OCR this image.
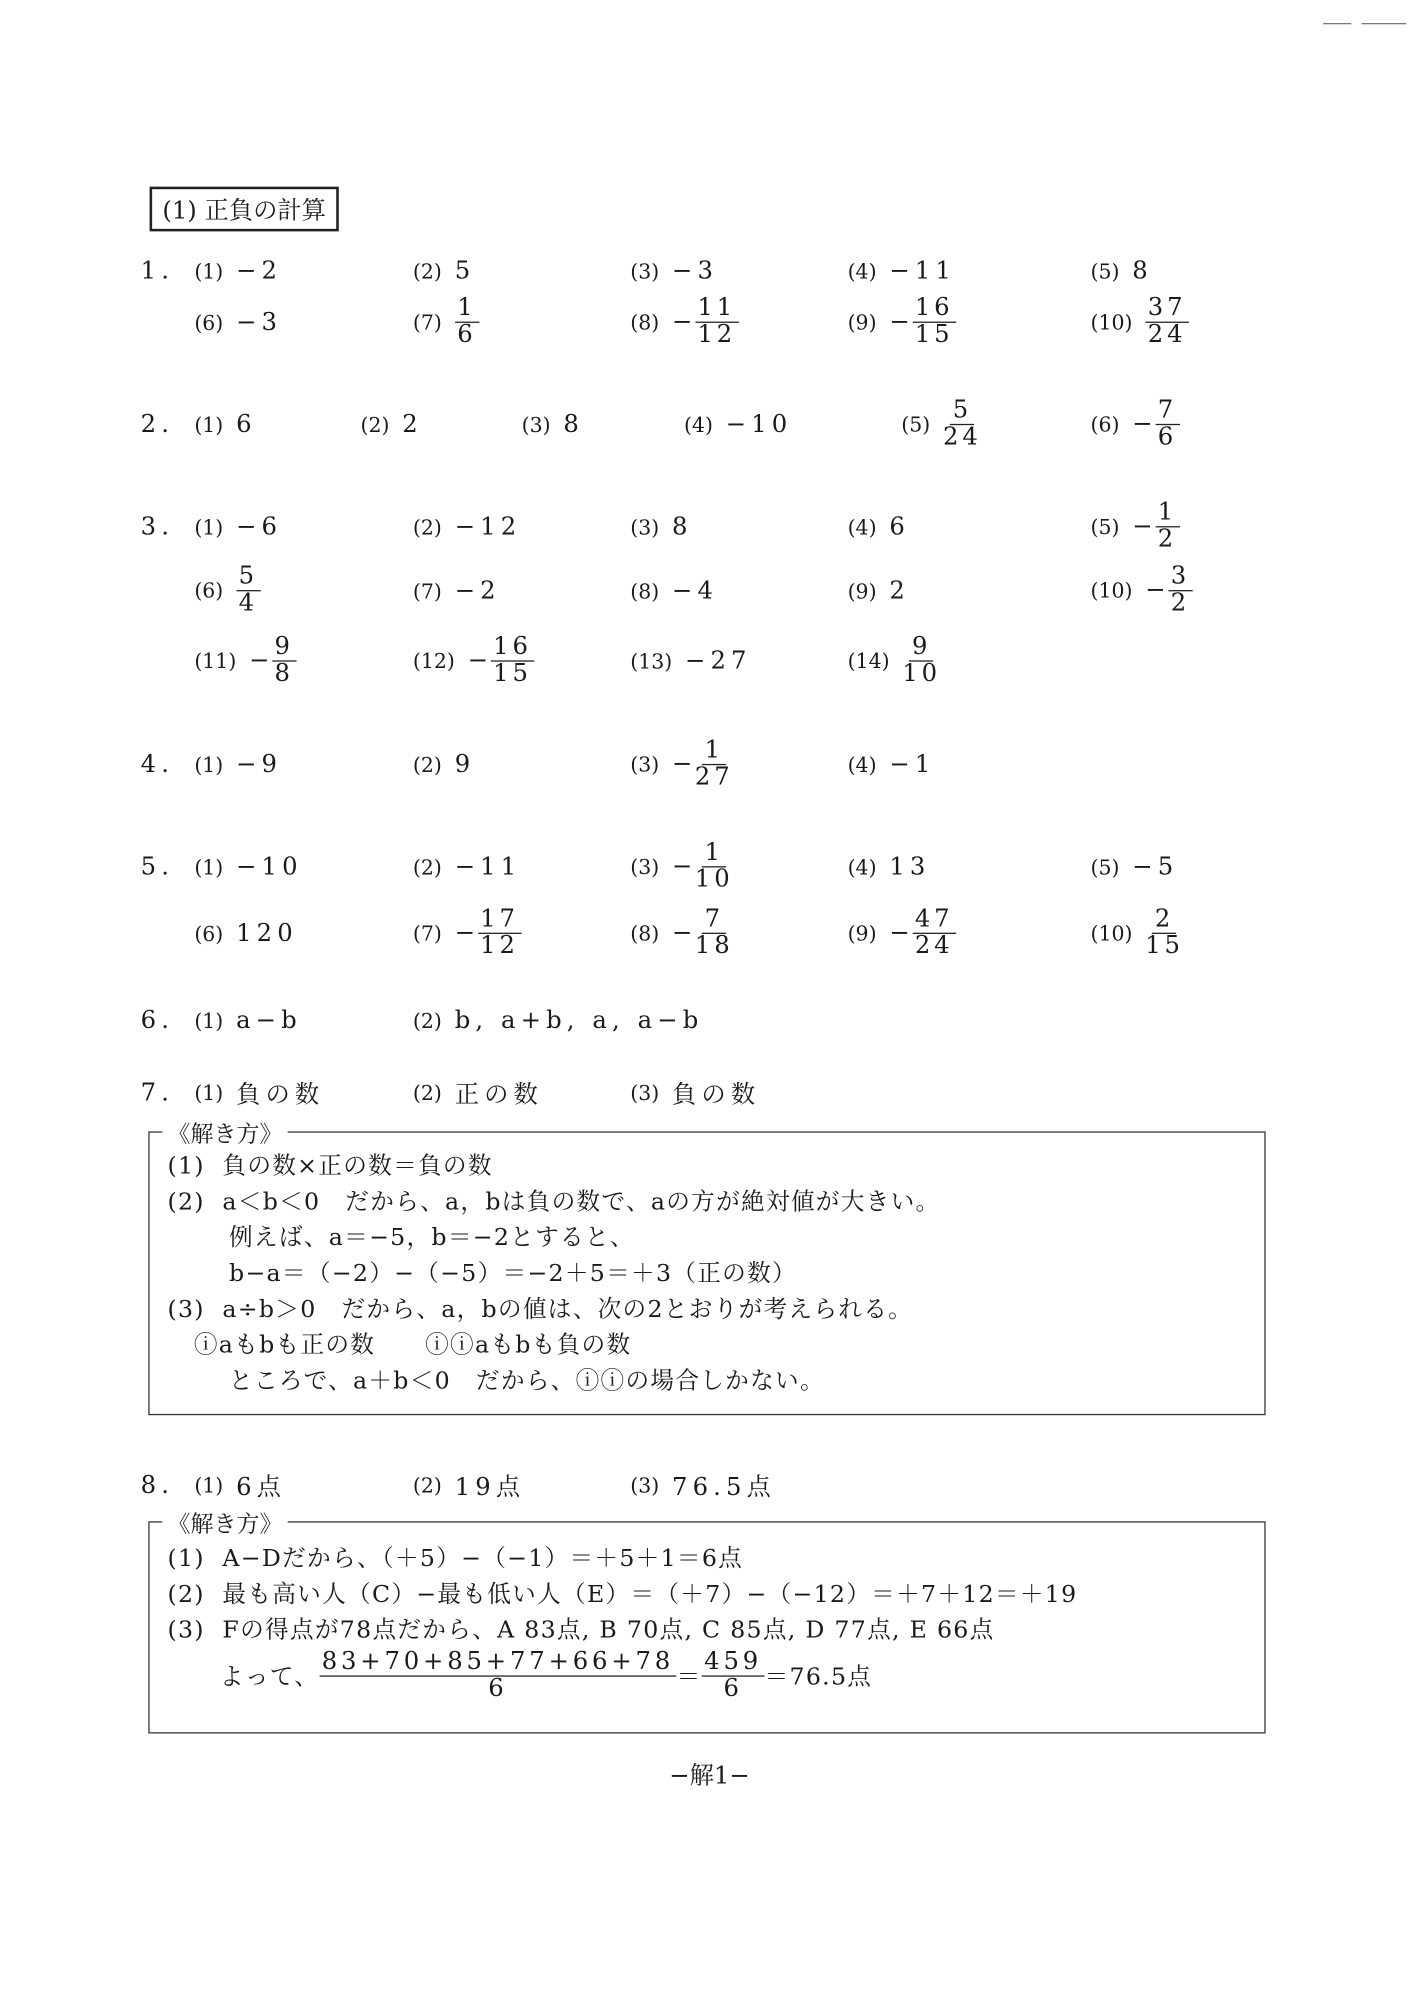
(1) 正負の計算
1. (1) −2	(2) 5	(3) −3	(4) −11	(5) 8
(6) −3	$(7) \frac{1}{6}$	$(8) - \frac{11}{12}$	$(9) - \frac{16}{15}$	$(10) \frac{37}{24}$
2. (1) 6	(2) 2	(3) 8	(4) −10	$(5) \frac{5}{24}$	$(6) - \frac{7}{6}$
3. (1) −6	(2) −12	(3) 8	(4) 6	$(5) - \frac{1}{2}$
$(6) \frac{5}{4}$	(7) −2	(8) −4	(9) 2	$(10) - \frac{3}{2}$
$(11) - \frac{9}{8}$	$(12) - \frac{16}{15}$	(13) −27	$(14) \frac{9}{10}$
4. (1) −9	(2) 9	$(3) - \frac{1}{27}$	(4) −1
5. (1) −10	(2) −11	$(3) - \frac{1}{10}$	(4) 13	(5) −5
(6) 120	$(7) - \frac{17}{12}$	$(8) - \frac{7}{18}$	$(9) - \frac{47}{24}$	$(10) \frac{2}{15}$
6. (1) a−b	(2) b, a+b, a, a−b
7. (1) 負の数	(2) 正の数	(3) 負の数
8. (1) 6点	(2) 19点	(3) 76.5点
《解き方》
(1)  負の数×正の数＝負の数
(2)  a＜b＜0　だから、a，bは負の数で、aの方が絶対値が大きい。
例えば、a＝−5，b＝−2とすると、
b−a＝（−2）−（−5）＝−2＋5＝＋3（正の数）
(3)  a÷b＞0　だから、a，bの値は、次の2とおりが考えられる。
ⓘaもbも正の数　　ⓘⓘaもbも負の数
ところで、a＋b＜0　だから、ⓘⓘの場合しかない。
《解き方》
(1)  A−Dだから、（＋5）−（−1）＝＋5＋1＝6点
(2)  最も高い人（C）−最も低い人（E）＝（＋7）−（−12）＝＋7＋12＝＋19
(3)  Fの得点が78点だから、A 83点, B 70点, C 85点, D 77点, E 66点
よって、 $\frac{83+70+85+77+66+78}{6} = \frac{459}{6} =76.5$点
−解1−
